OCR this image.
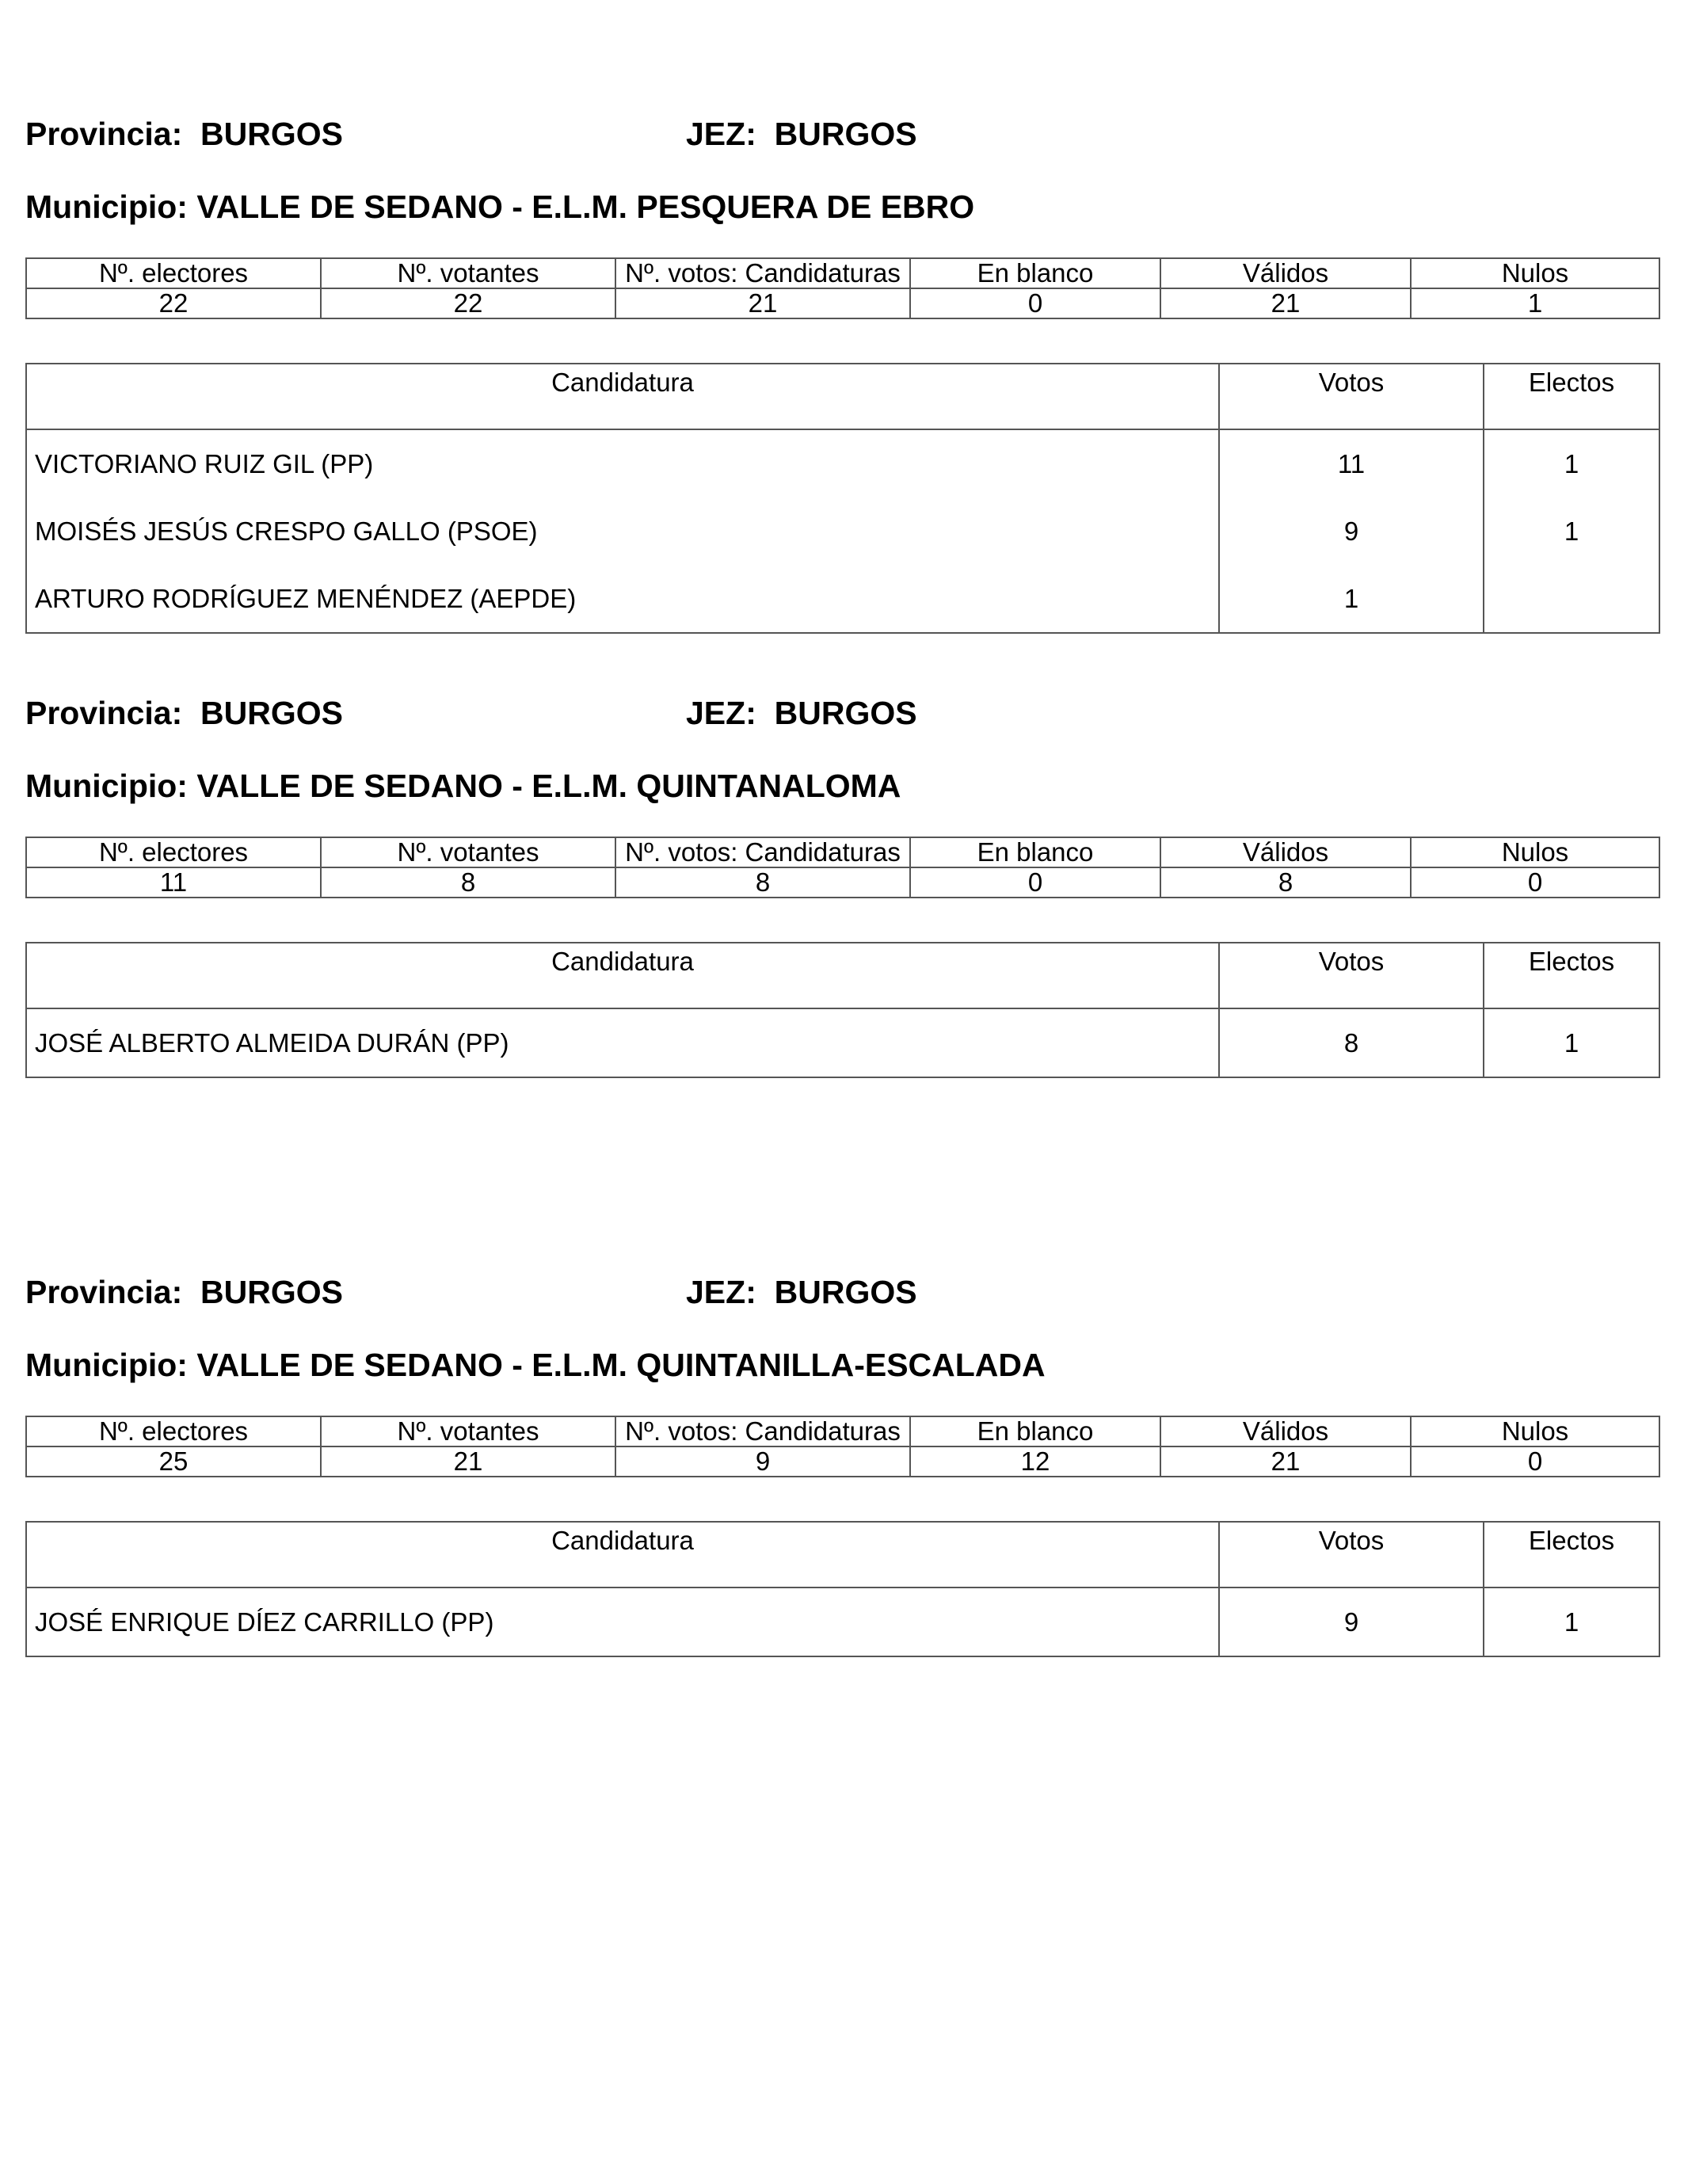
Provincia: BURGOS	JEZ: BURGOS
Municipio: VALLE DE SEDANO - E.L.M. PESQUERA DE EBRO
Nº. electores	Nº. votantes	Nº. votos: Candidaturas	En blanco	Válidos	Nulos
22	22	21	0	21	1
Candidatura	Votos	Electos
VICTORIANO RUIZ GIL (PP)	11	1
MOISÉS JESÚS CRESPO GALLO (PSOE)	9	1
ARTURO RODRÍGUEZ MENÉNDEZ (AEPDE)	1	
Provincia: BURGOS	JEZ: BURGOS
Municipio: VALLE DE SEDANO - E.L.M. QUINTANALOMA
Nº. electores	Nº. votantes	Nº. votos: Candidaturas	En blanco	Válidos	Nulos
11	8	8	0	8	0
Candidatura	Votos	Electos
JOSÉ ALBERTO ALMEIDA DURÁN (PP)	8	1
Provincia: BURGOS	JEZ: BURGOS
Municipio: VALLE DE SEDANO - E.L.M. QUINTANILLA-ESCALADA
Nº. electores	Nº. votantes	Nº. votos: Candidaturas	En blanco	Válidos	Nulos
25	21	9	12	21	0
Candidatura	Votos	Electos
JOSÉ ENRIQUE DÍEZ CARRILLO (PP)	9	1
